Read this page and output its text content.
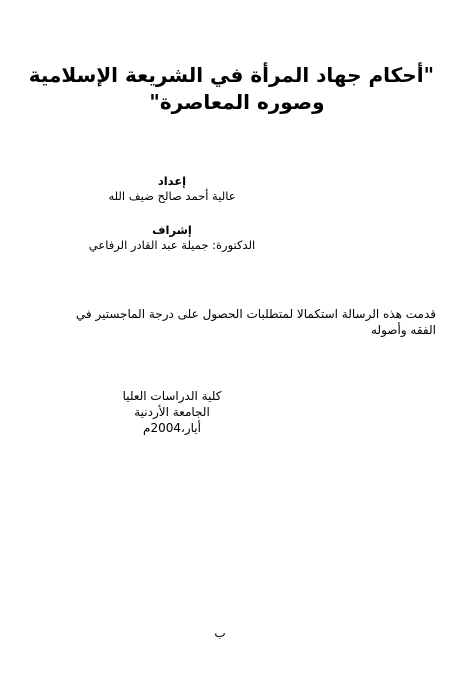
"أحكام جهاد المرأة في الشريعة الإسلامية
وصوره المعاصرة"
إعداد
عالية أحمد صالح ضيف الله
إشراف
الدكتورة: جميلة عبد القادر الرفاعي
قدمت هذه الرسالة استكمالا لمتطلبات الحصول على درجة الماجستير في
الفقه وأصوله
كلية الدراسات العليا
الجامعة الأردنية
أيار،2004م
ب
